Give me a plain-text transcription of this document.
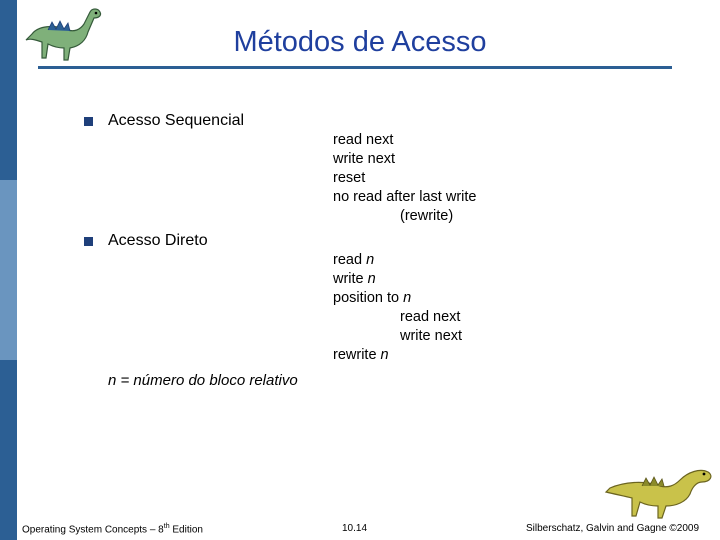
Métodos de Acesso
Acesso Sequencial
read next
write next
reset
no read after last write
(rewrite)
Acesso Direto
read n
write n
position to n
read next
write next
rewrite n
n = número do bloco relativo
Operating System Concepts – 8th Edition	10.14	Silberschatz, Galvin and Gagne ©2009
